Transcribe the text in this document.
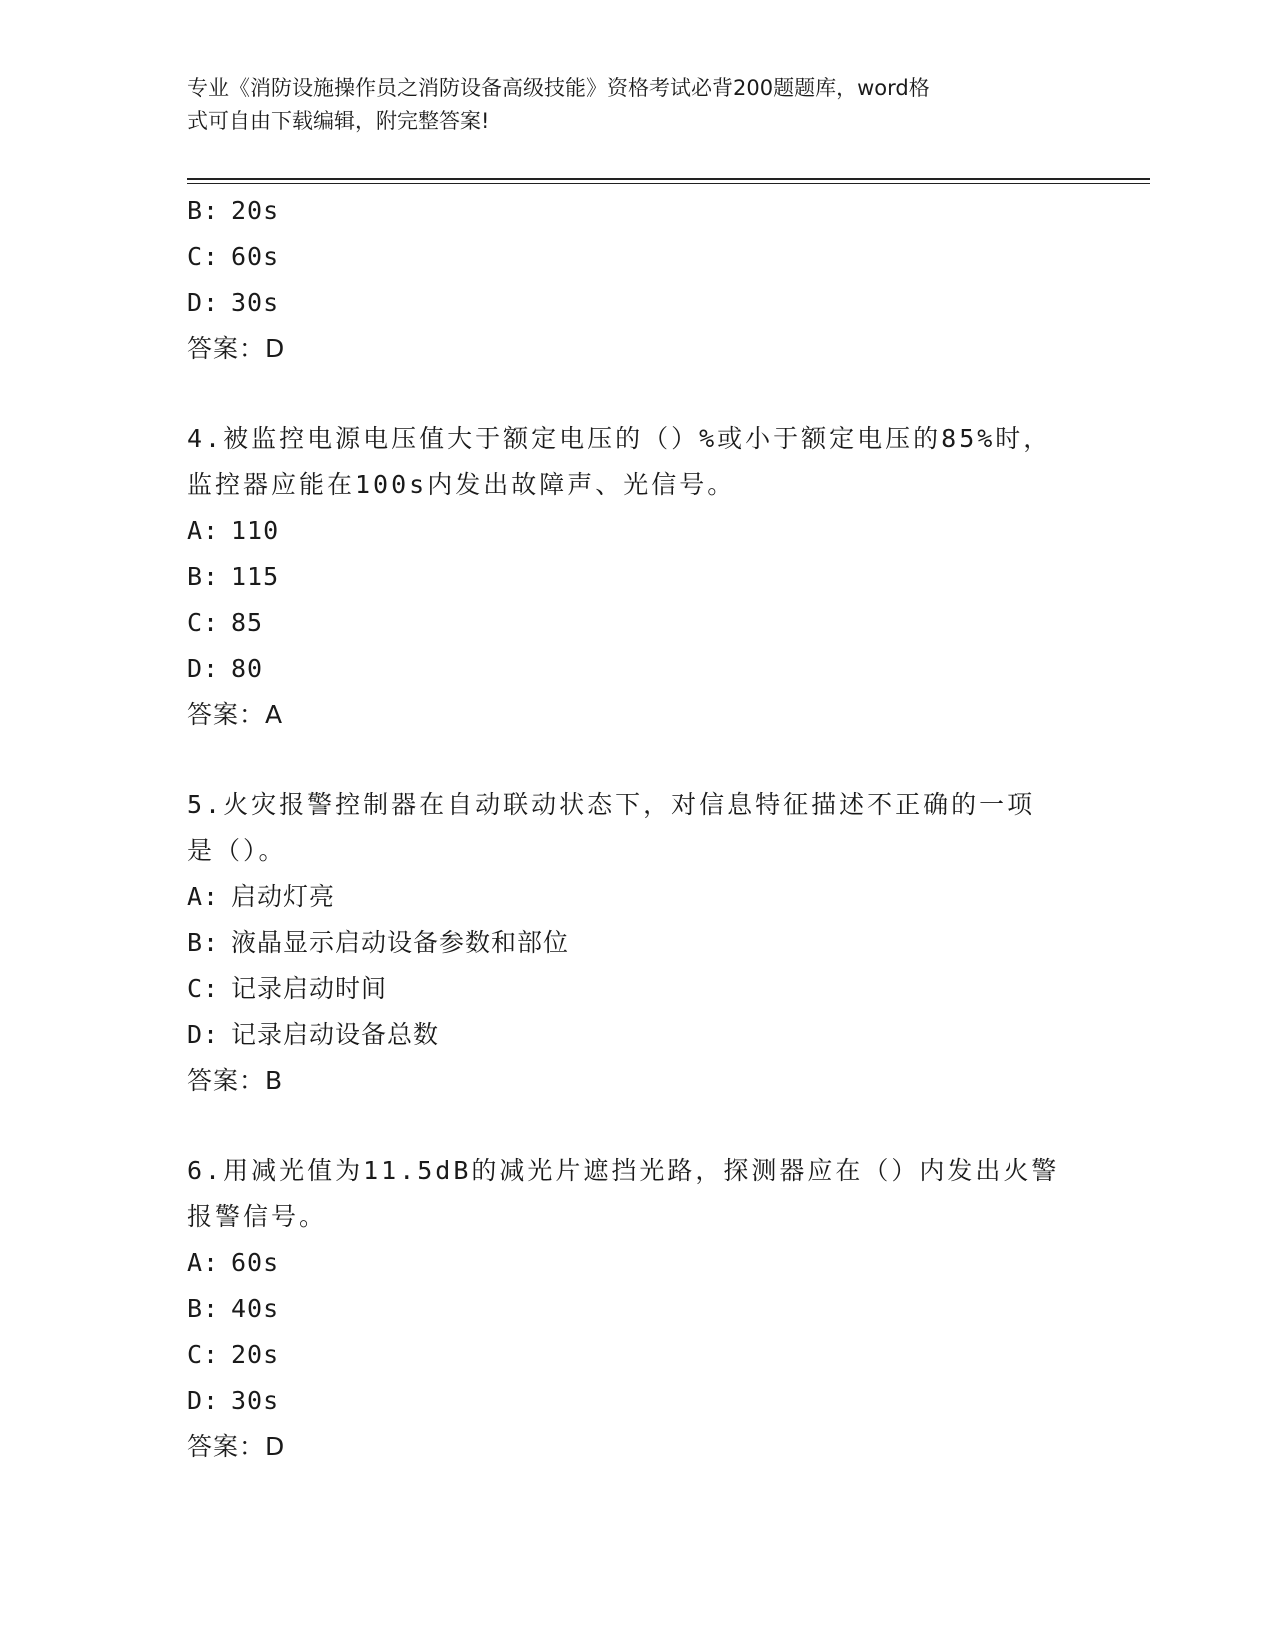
专业《消防设施操作员之消防设备高级技能》资格考试必背200题题库，word格
式可自由下载编辑，附完整答案!
B: 20s
C: 60s
D: 30s
答案：D
4.被监控电源电压值大于额定电压的（）%或小于额定电压的85%时，
监控器应能在100s内发出故障声、光信号。
A: 110
B: 115
C: 85
D: 80
答案：A
5.火灾报警控制器在自动联动状态下，对信息特征描述不正确的一项
是（）。
A: 启动灯亮
B: 液晶显示启动设备参数和部位
C: 记录启动时间
D: 记录启动设备总数
答案：B
6.用减光值为11.5dB的减光片遮挡光路，探测器应在（）内发出火警
报警信号。
A: 60s
B: 40s
C: 20s
D: 30s
答案：D
